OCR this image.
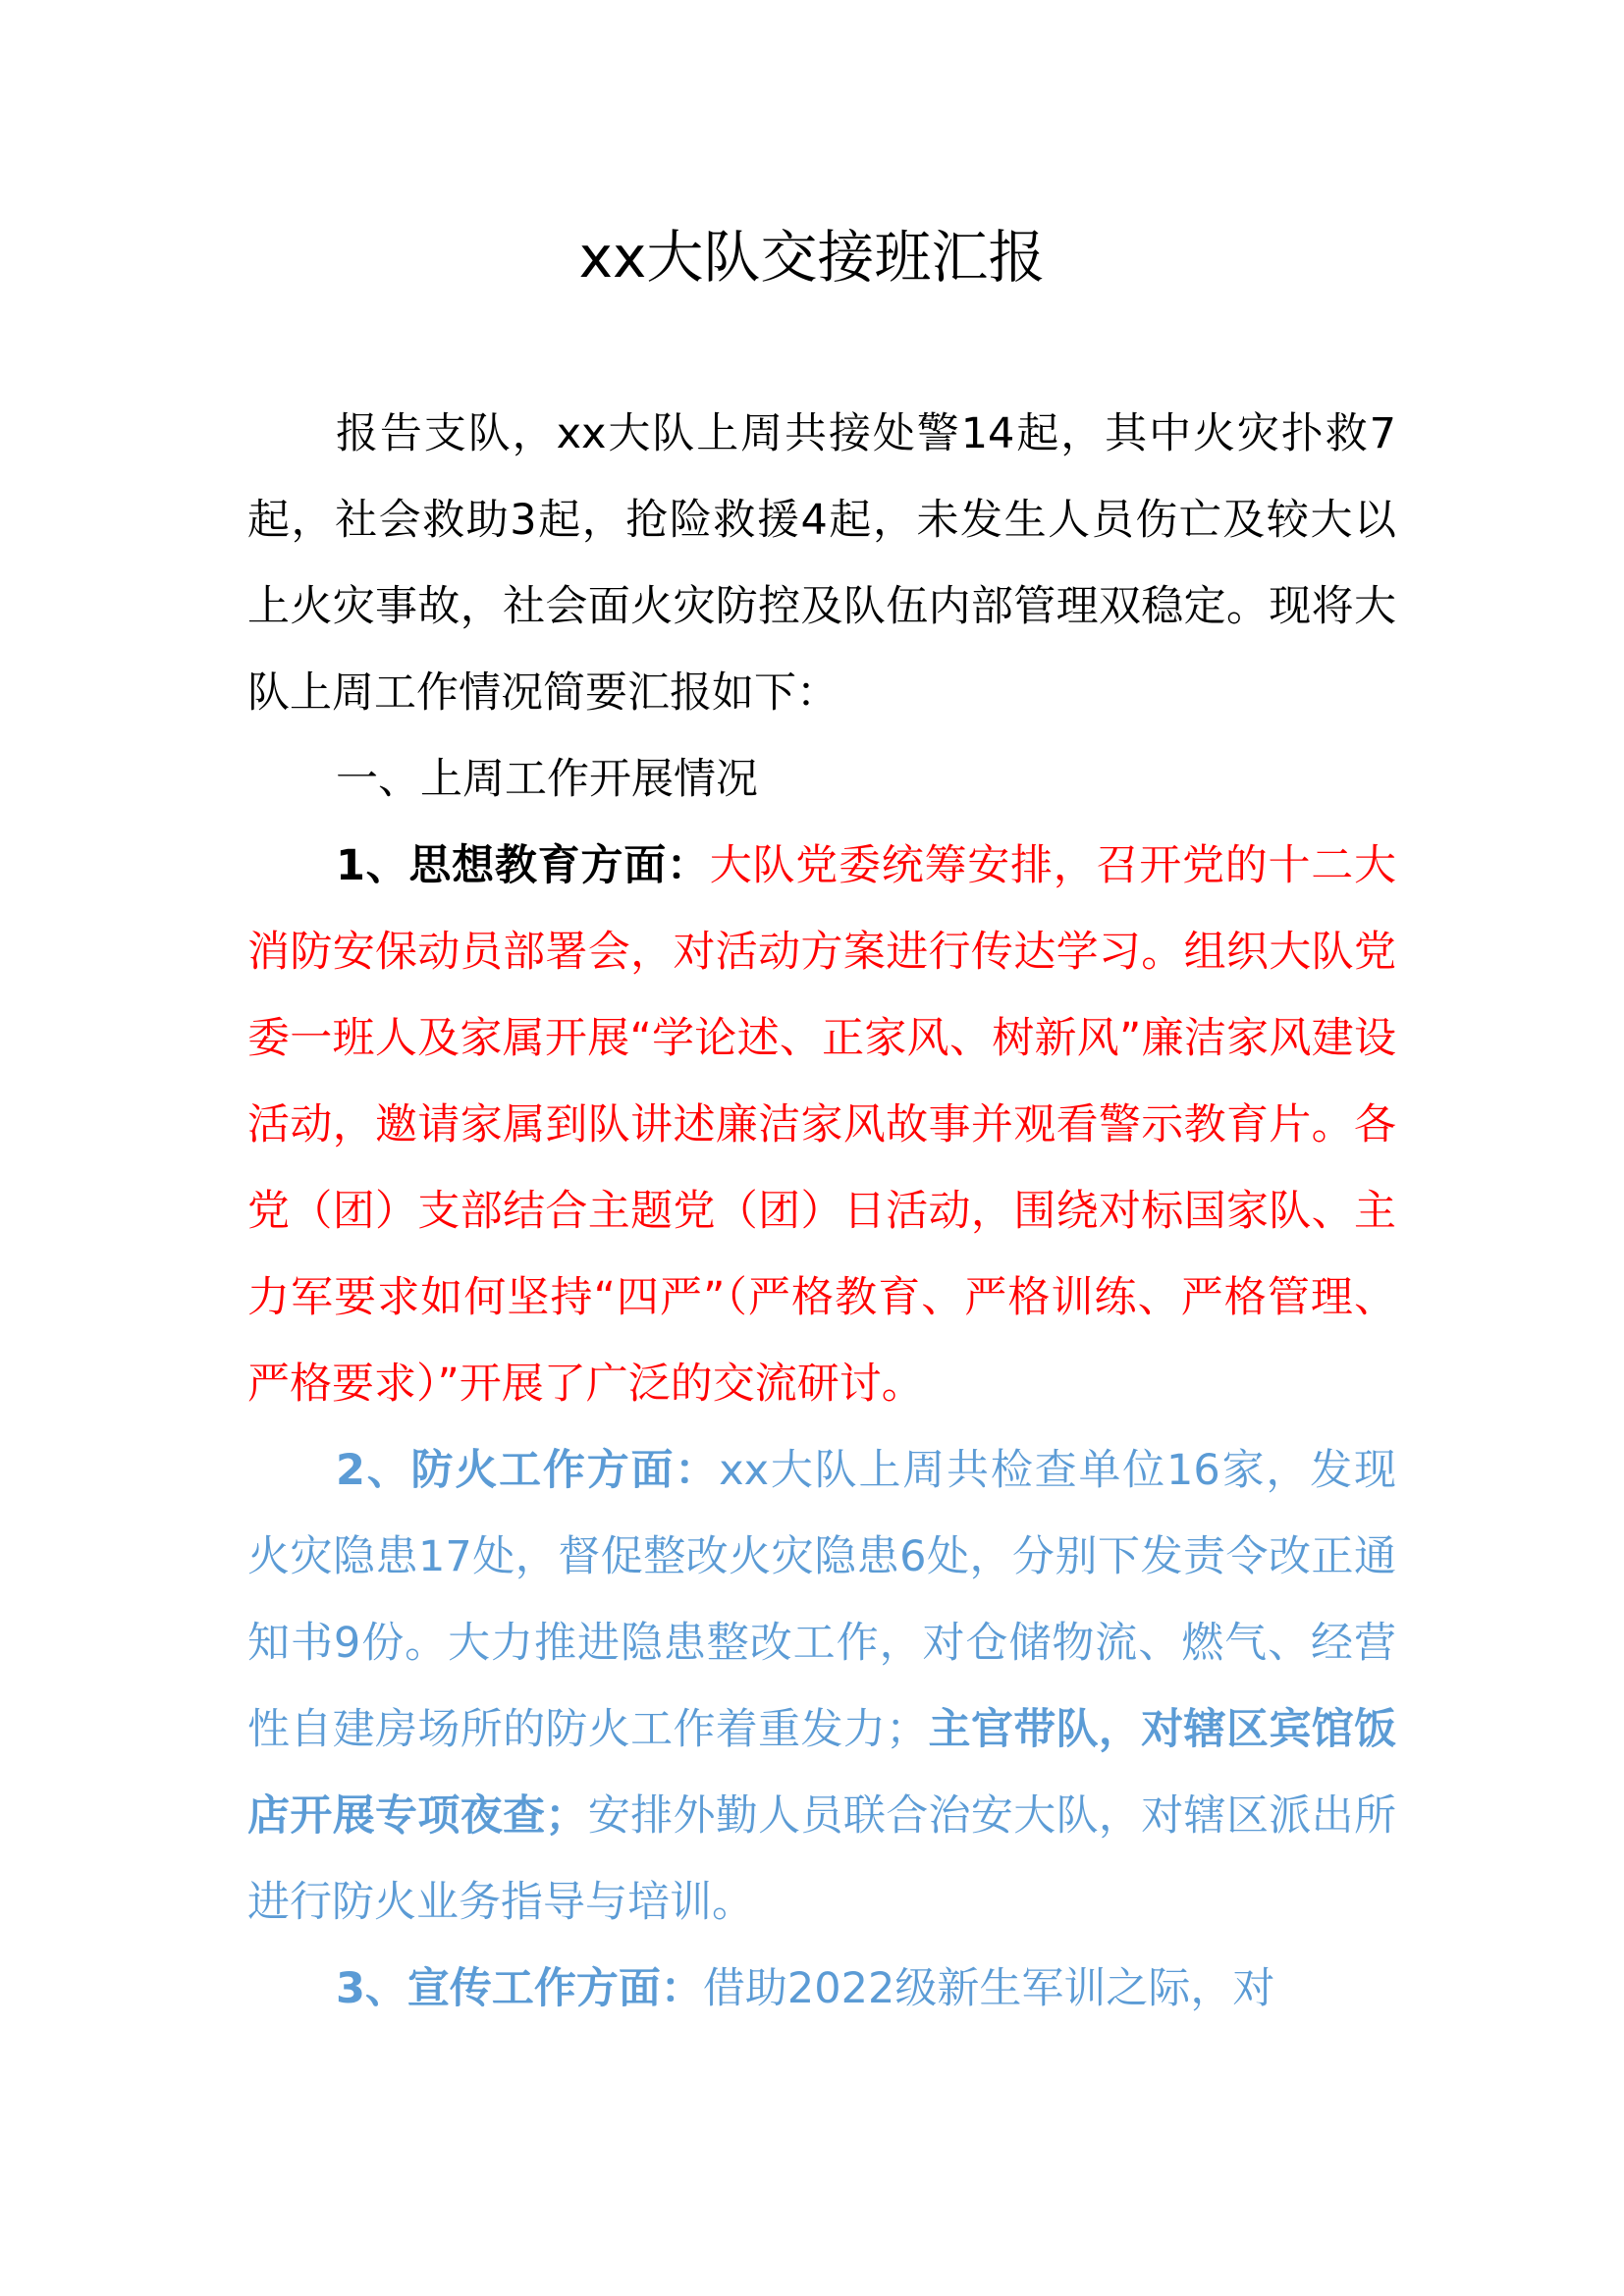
xx大队交接班汇报

报告支队，xx大队上周共接处警14起，其中火灾扑救7起，社会救助3起，抢险救援4起，未发生人员伤亡及较大以上火灾事故，社会面火灾防控及队伍内部管理双稳定。现将大队上周工作情况简要汇报如下：

一、上周工作开展情况

1、思想教育方面：大队党委统筹安排，召开党的十二大消防安保动员部署会，对活动方案进行传达学习。组织大队党委一班人及家属开展“学论述、正家风、树新风”廉洁家风建设活动，邀请家属到队讲述廉洁家风故事并观看警示教育片。各党（团）支部结合主题党（团）日活动，围绕对标国家队、主力军要求如何坚持“四严”（严格教育、严格训练、严格管理、严格要求）”开展了广泛的交流研讨。

2、防火工作方面：xx大队上周共检查单位16家，发现火灾隐患17处，督促整改火灾隐患6处，分别下发责令改正通知书9份。大力推进隐患整改工作，对仓储物流、燃气、经营性自建房场所的防火工作着重发力；主官带队，对辖区宾馆饭店开展专项夜查；安排外勤人员联合治安大队，对辖区派出所进行防火业务指导与培训。

3、宣传工作方面：借助2022级新生军训之际，对
